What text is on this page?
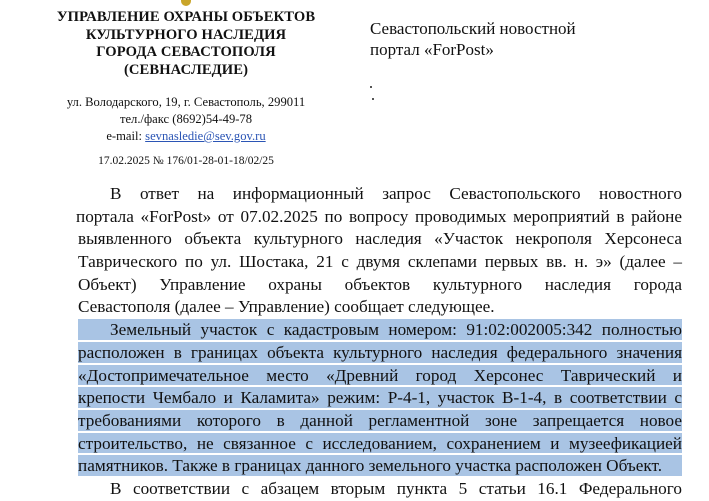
УПРАВЛЕНИЕ ОХРАНЫ ОБЪЕКТОВ
КУЛЬТУРНОГО НАСЛЕДИЯ
ГОРОДА СЕВАСТОПОЛЯ
(СЕВНАСЛЕДИЕ)
ул. Володарского, 19, г. Севастополь, 299011
тел./факс (8692)54-49-78
e-mail: sevnasledie@sev.gov.ru
17.02.2025 № 176/01-28-01-18/02/25
Севастопольский новостной
портал «ForPost»
В ответ на информационный запрос Севастопольского новостного
портала «ForPost» от 07.02.2025 по вопросу проводимых мероприятий в районе
выявленного объекта культурного наследия «Участок некрополя Херсонеса
Таврического по ул. Шостака, 21 с двумя склепами первых вв. н. э» (далее –
Объект) Управление охраны объектов культурного наследия города
Севастополя (далее – Управление) сообщает следующее.
Земельный участок с кадастровым номером: 91:02:002005:342 полностью
расположен в границах объекта культурного наследия федерального значения
«Достопримечательное место «Древний город Херсонес Таврический и
крепости Чембало и Каламита» режим: Р-4-1, участок В-1-4, в соответствии с
требованиями которого в данной регламентной зоне запрещается новое
строительство, не связанное с исследованием, сохранением и музеефикацией
памятников. Также в границах данного земельного участка расположен Объект.
В соответствии с абзацем вторым пункта 5 статьи 16.1 Федерального
